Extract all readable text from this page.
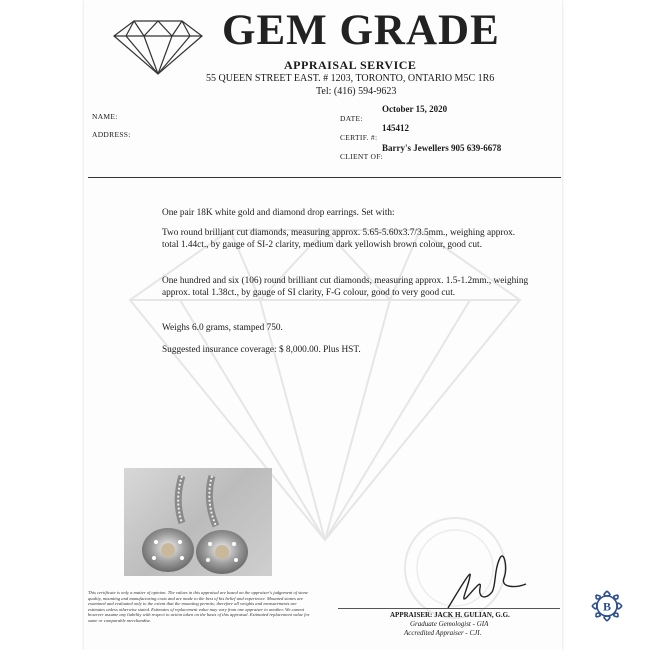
GEM GRADE
APPRAISAL SERVICE
55 QUEEN STREET EAST. # 1203, TORONTO, ONTARIO M5C 1R6
Tel: (416) 594-9623
NAME:
ADDRESS:
DATE:
October 15, 2020
CERTIF. #:
145412
CLIENT OF:
Barry's Jewellers 905 639-6678
One pair 18K white gold and diamond drop earrings. Set with:
Two round brilliant cut diamonds, measuring approx. 5.65-5.60x3.7/3.5mm., weighing approx. total 1.44ct., by gauge of SI-2 clarity, medium dark yellowish brown colour, good cut.
One hundred and six (106) round brilliant cut diamonds, measuring approx. 1.5-1.2mm., weighing approx. total 1.38ct., by gauge of SI clarity, F-G colour, good to very good cut.
Weighs 6.0 grams, stamped 750.
Suggested insurance coverage: $ 8,000.00. Plus HST.
This certificate is only a matter of opinion. The values in this appraisal are based on the appraiser's judgement of stone quality, mounting and manufacturing costs and are made to the best of his belief and experience. Mounted stones are examined and evaluated only to the extent that the mounting permits; therefore all weights and measurements are estimates unless otherwise stated. Estimates of replacement value may vary from one appraiser to another. We cannot however assume any liability with respect to action taken on the basis of this appraisal. Estimated replacement value for same or comparable merchandise.
APPRAISER: JACK H. GULIAN, G.G.
Graduate Gemologist - GIA
Accredited Appraiser - CJI.
B
